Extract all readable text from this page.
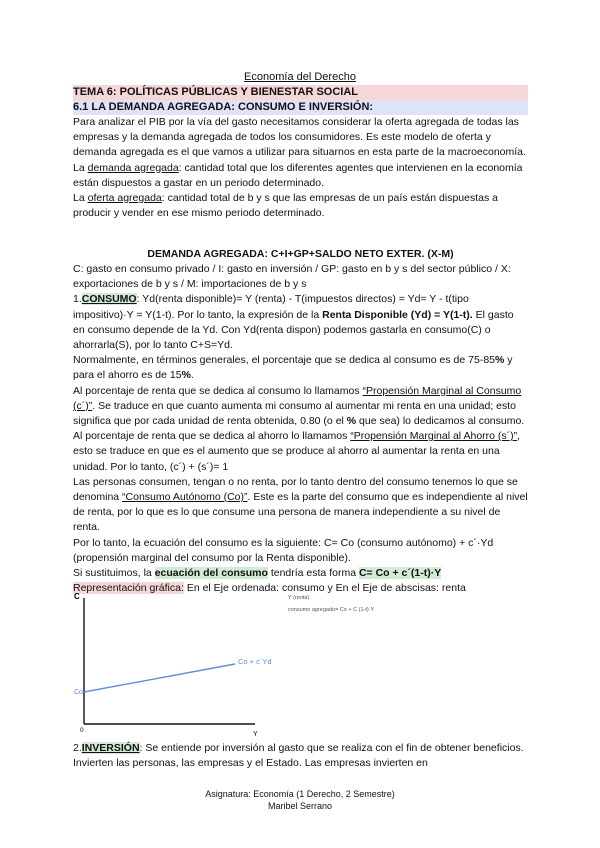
Economía del Derecho
TEMA 6: POLÍTICAS PÚBLICAS Y BIENESTAR SOCIAL
6.1 LA DEMANDA AGREGADA: CONSUMO E INVERSIÓN:

Para analizar el PIB por la vía del gasto necesitamos considerar la oferta agregada de todas las empresas y la demanda agregada de todos los consumidores. Es este modelo de oferta y demanda agregada es el que vamos a utilizar para situarnos en esta parte de la macroeconomía.

La demanda agregada: cantidad total que los diferentes agentes que intervienen en la economía están dispuestos a gastar en un periodo determinado.

La oferta agregada: cantidad total de b y s que las empresas de un país están dispuestas a producir y vender en ese mismo periodo determinado.

DEMANDA AGREGADA: C+I+GP+SALDO NETO EXTER. (X-M)

C: gasto en consumo privado / I: gasto en inversión / GP: gasto en b y s del sector público / X: exportaciones de b y s / M: importaciones de b y s

1.CONSUMO: Yd(renta disponible)= Y (renta) - T(impuestos directos) = Yd= Y - t(tipo impositivo)·Y = Y(1-t). Por lo tanto, la expresión de la Renta Disponible (Yd) = Y(1-t). El gasto en consumo depende de la Yd. Con Yd(renta dispon) podemos gastarla en consumo(C) o ahorrarla(S), por lo tanto C+S=Yd.

Normalmente, en términos generales, el porcentaje que se dedica al consumo es de 75-85% y para el ahorro es de 15%.

Al porcentaje de renta que se dedica al consumo lo llamamos “Propensión Marginal al Consumo (c´)”. Se traduce en que cuanto aumenta mi consumo al aumentar mi renta en una unidad; esto significa que por cada unidad de renta obtenida, 0.80 (o el % que sea) lo dedicamos al consumo. Al porcentaje de renta que se dedica al ahorro lo llamamos “Propensión Marginal al Ahorro (s´)”, esto se traduce en que es el aumento que se produce al ahorro al aumentar la renta en una unidad. Por lo tanto, (c´) + (s´)= 1

Las personas consumen, tengan o no renta, por lo tanto dentro del consumo tenemos lo que se denomina “Consumo Autónomo (Co)”. Este es la parte del consumo que es independiente al nivel de renta, por lo que es lo que consume una persona de manera independiente a su nivel de renta.

Por lo tanto, la ecuación del consumo es la siguiente: C= Co (consumo autónomo) + c´·Yd (propensión marginal del consumo por la Renta disponible).

Si sustituimos, la ecuación del consumo tendría esta forma C= Co + c´(1-t)·Y

Representación gráfica: En el Eje ordenada: consumo y En el Eje de abscisas: renta

C
Y
0
Co
Co + c´Yd
Y (renta)
consumo agregado= Co + C (1-t)·Y

2.INVERSIÓN: Se entiende por inversión al gasto que se realiza con el fin de obtener beneficios. Invierten las personas, las empresas y el Estado. Las empresas invierten en

Asignatura: Economía (1 Derecho, 2 Semestre)
Maribel Serrano
